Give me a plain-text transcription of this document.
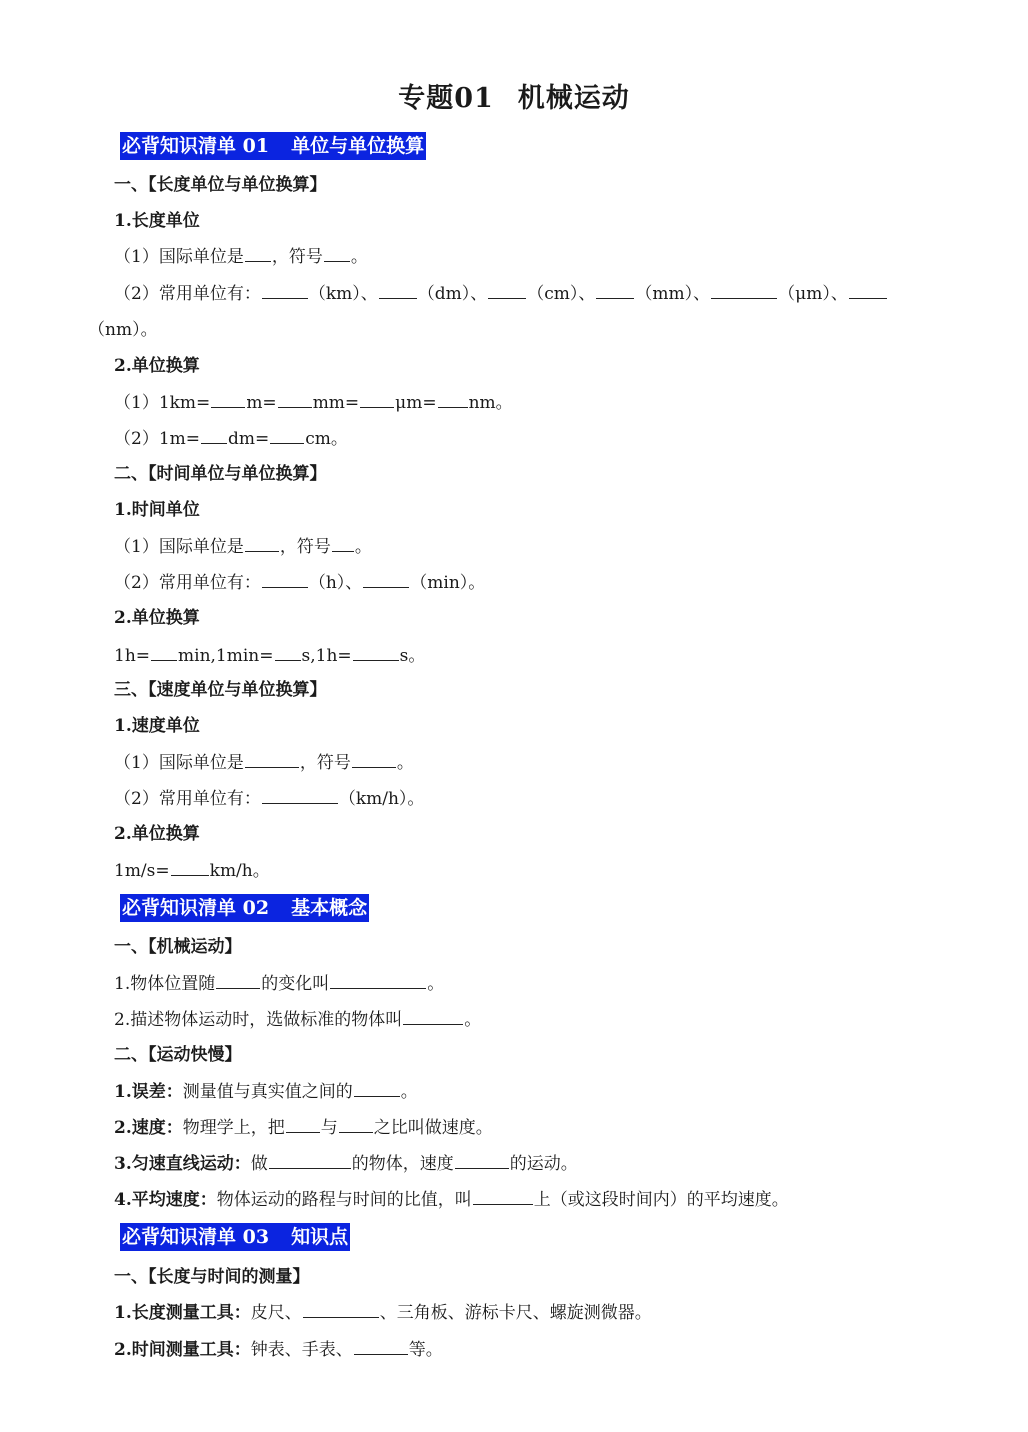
专题01 机械运动
必背知识清单 01 单位与单位换算
一、【长度单位与单位换算】
1.长度单位
（1）国际单位是 ，符号 。
（2）常用单位有：	（km）、 （dm）、 （cm）、 （mm）、	（μm）、
（nm）。
2.单位换算
（1）1km= m= mm= μm= nm。
（2）1m= dm= cm。
二、【时间单位与单位换算】
1.时间单位
（1）国际单位是 ，符号 。
（2）常用单位有：	（h）、	（min）。
2.单位换算
1h= min,1min= s,1h=	s。
三、【速度单位与单位换算】
1.速度单位
（1）国际单位是	，符号	。
（2）常用单位有：	（km/h）。
2.单位换算
1m/s= km/h。
必背知识清单 02 基本概念
一、【机械运动】
1.物体位置随	的变化叫	。
2.描述物体运动时，选做标准的物体叫	。
二、【运动快慢】
1.误差：测量值与真实值之间的	。
2.速度：物理学上，把 与 之比叫做速度。
3.匀速直线运动：做	的物体，速度	的运动。
4.平均速度：物体运动的路程与时间的比值，叫	上（或这段时间内）的平均速度。
必背知识清单 03 知识点
一、【长度与时间的测量】
1.长度测量工具：皮尺、	、三角板、游标卡尺、螺旋测微器。
2.时间测量工具：钟表、手表、	等。
